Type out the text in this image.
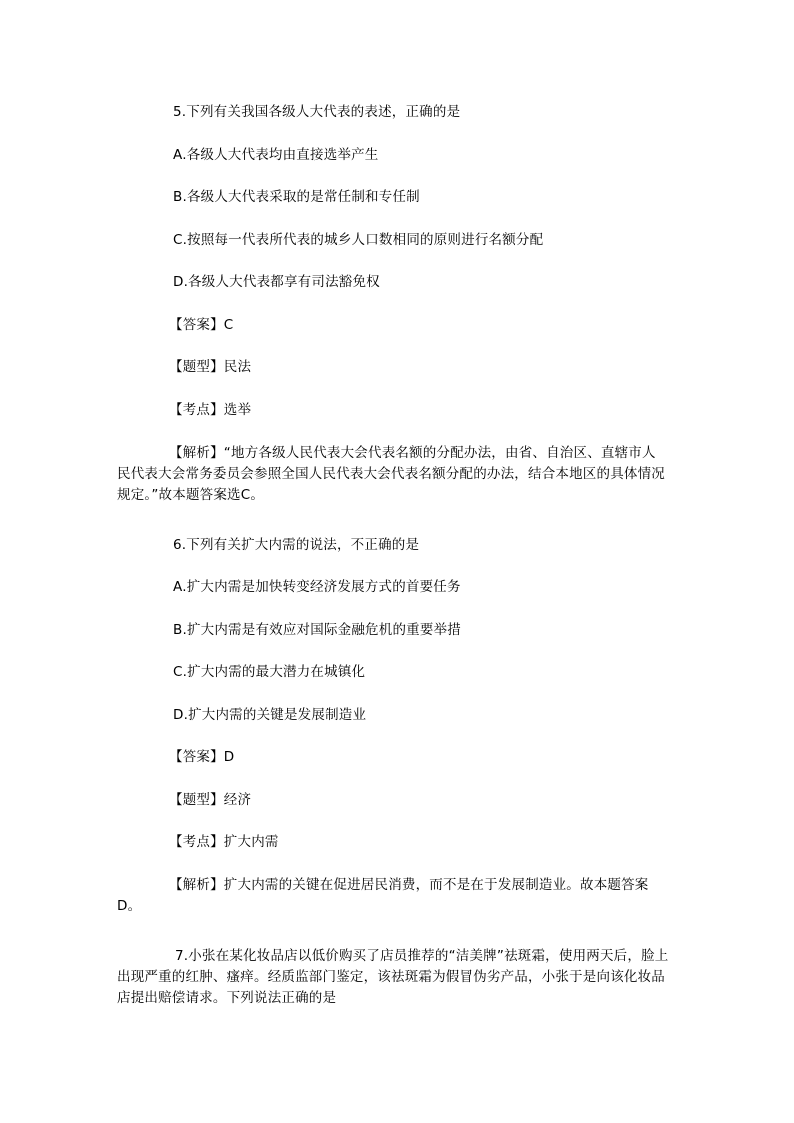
5.下列有关我国各级人大代表的表述，正确的是
A.各级人大代表均由直接选举产生
B.各级人大代表采取的是常任制和专任制
C.按照每一代表所代表的城乡人口数相同的原则进行名额分配
D.各级人大代表都享有司法豁免权
【答案】C
【题型】民法
【考点】选举
【解析】“地方各级人民代表大会代表名额的分配办法，由省、自治区、直辖市人民代表大会常务委员会参照全国人民代表大会代表名额分配的办法，结合本地区的具体情况规定。”故本题答案选C。
6.下列有关扩大内需的说法，不正确的是
A.扩大内需是加快转变经济发展方式的首要任务
B.扩大内需是有效应对国际金融危机的重要举措
C.扩大内需的最大潜力在城镇化
D.扩大内需的关键是发展制造业
【答案】D
【题型】经济
【考点】扩大内需
【解析】扩大内需的关键在促进居民消费，而不是在于发展制造业。故本题答案D。
7.小张在某化妆品店以低价购买了店员推荐的“洁美牌”祛斑霜，使用两天后，脸上出现严重的红肿、瘙痒。经质监部门鉴定，该祛斑霜为假冒伪劣产品，小张于是向该化妆品店提出赔偿请求。下列说法正确的是
